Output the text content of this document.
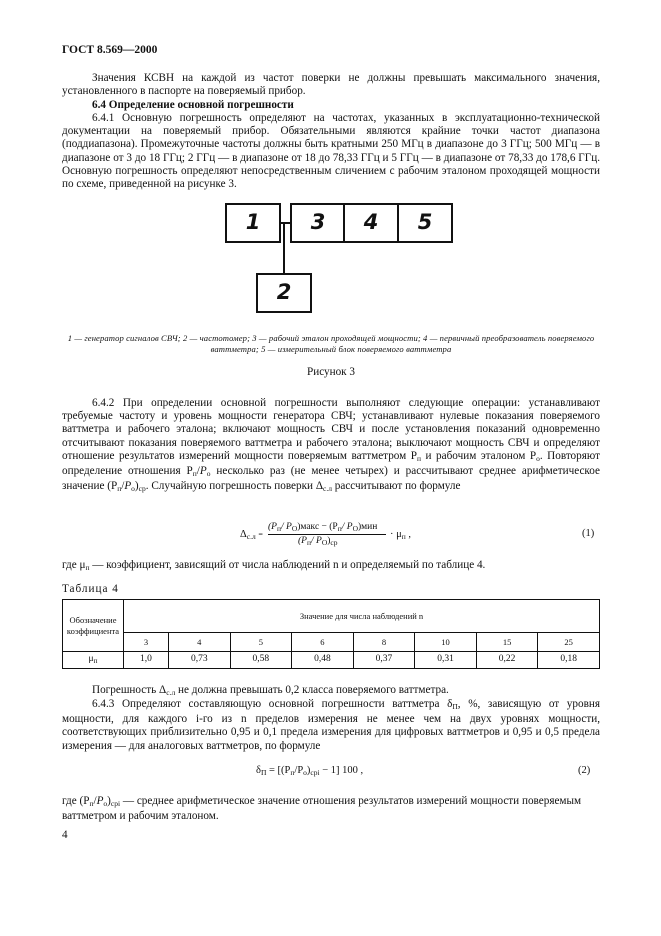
ГОСТ 8.569—2000
Значения КСВН на каждой из частот поверки не должны превышать максимального значения, установленного в паспорте на поверяемый прибор.
6.4 Определение основной погрешности
6.4.1 Основную погрешность определяют на частотах, указанных в эксплуатационно-технической документации на поверяемый прибор. Обязательными являются крайние точки частот диапазона (поддиапазона). Промежуточные частоты должны быть кратными 250 МГц в диапазоне до 3 ГГц; 500 МГц — в диапазоне от 3 до 18 ГГц; 2 ГГц — в диапазоне от 18 до 78,33 ГГц и 5 ГГц — в диапазоне от 78,33 до 178,6 ГГц. Основную погрешность определяют непосредственным сличением с рабочим эталоном проходящей мощности по схеме, приведенной на рисунке 3.
1 3 4 5
2
1 — генератор сигналов СВЧ; 2 — частотомер; 3 — рабочий эталон проходящей мощности; 4 — первичный преобразователь поверяемого ваттметра; 5 — измерительный блок поверяемого ваттметра
Рисунок 3
6.4.2 При определении основной погрешности выполняют следующие операции: устанавливают требуемые частоту и уровень мощности генератора СВЧ; устанавливают нулевые показания поверяемого ваттметра и рабочего эталона; включают мощность СВЧ и после установления показаний одновременно отсчитывают показания поверяемого ваттметра и рабочего эталона; выключают мощность СВЧ и определяют отношение результатов измерений мощности поверяемым ваттметром $P_п$ и рабочим эталоном $P_о$. Повторяют определение отношения $P_п/P_о$ несколько раз (не менее четырех) и рассчитывают среднее арифметическое значение $(P_п/P_о)_{ср}$. Случайную погрешность поверки $\Delta_{с.л}$ рассчитывают по формуле
$\Delta_{с.л}$ =
($P_п/$ $P_О)макс - (P_п/$ $P_О)мин$
($P_п/$ $P_О)_{ср}$
· $\mu_п$ ,	(1)
где $\mu_п$ — коэффициент, зависящий от числа наблюдений n и определяемый по таблице 4.
Таблица 4
Обозначение коэффициента	Значение для числа наблюдений n							
	3	4	5	6	8	10	15	25
$\mu_п$	1,0	0,73	0,58	0,48	0,37	0,31	0,22	0,18
Погрешность $\Delta_{с.л}$ не должна превышать 0,2 класса поверяемого ваттметра.
6.4.3 Определяют составляющую основной погрешности ваттметра $\delta_П$, %, зависящую от уровня мощности, для каждого i-го из n пределов измерения не менее чем на двух уровнях мощности, соответствующих приблизительно 0,95 и 0,1 предела измерения для цифровых ваттметров и 0,95 и 0,5 предела измерения — для аналоговых ваттметров, по формуле
$\delta_П = [(P_п/P_о)_{срi} - 1]$ 100 ,	(2)
где $(P_п/P_о)_{срi}$ — среднее арифметическое значение отношения результатов измерений мощности поверяемым ваттметром и рабочим эталоном.
4
